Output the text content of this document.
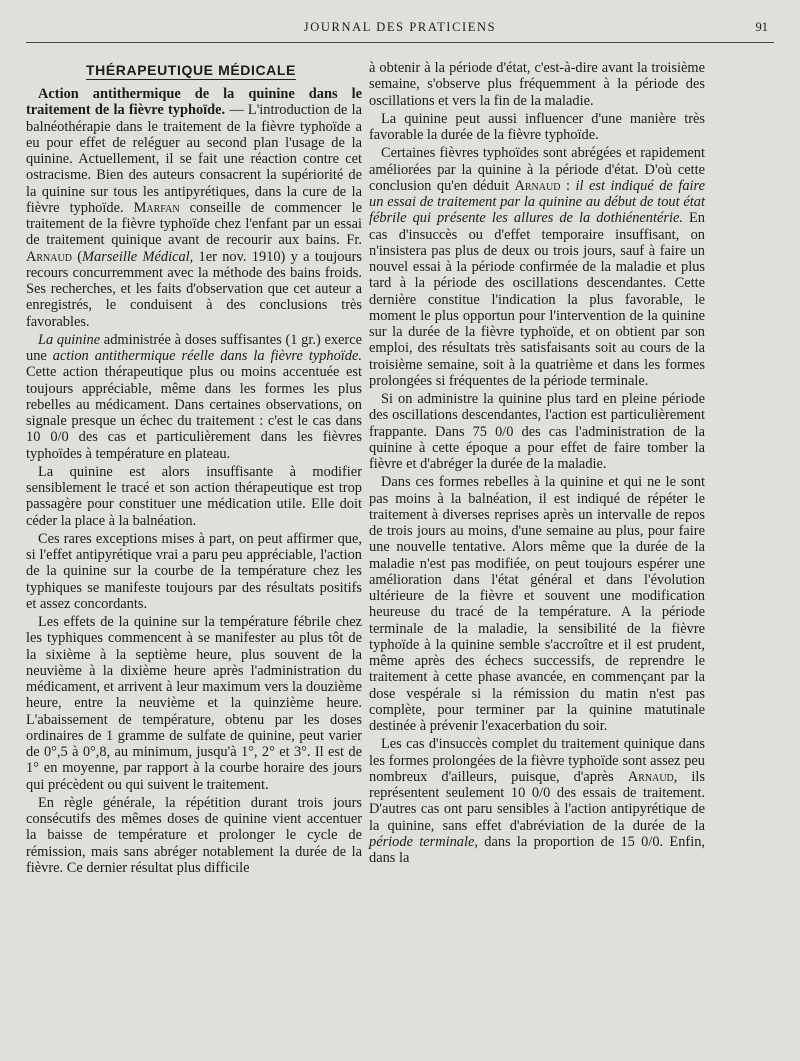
JOURNAL DES PRATICIENS	91
THÉRAPEUTIQUE MÉDICALE

Action antithermique de la quinine dans le traitement de la fièvre typhoïde. — L'introduction de la balnéothérapie dans le traitement de la fièvre typhoïde a eu pour effet de reléguer au second plan l'usage de la quinine. Actuellement, il se fait une réaction contre cet ostracisme. Bien des auteurs consacrent la supériorité de la quinine sur tous les antipyrétiques, dans la cure de la fièvre typhoïde. Marfan conseille de commencer le traitement de la fièvre typhoïde chez l'enfant par un essai de traitement quinique avant de recourir aux bains. Fr. Arnaud (Marseille Médical, 1er nov. 1910) y a toujours recours concurremment avec la méthode des bains froids. Ses recherches, et les faits d'observation que cet auteur a enregistrés, le conduisent à des conclusions très favorables.

La quinine administrée à doses suffisantes (1 gr.) exerce une action antithermique réelle dans la fièvre typhoïde. Cette action thérapeutique plus ou moins accentuée est toujours appréciable, même dans les formes les plus rebelles au médicament. Dans certaines observations, on signale presque un échec du traitement : c'est le cas dans 10 0/0 des cas et particulièrement dans les fièvres typhoïdes à température en plateau.

La quinine est alors insuffisante à modifier sensiblement le tracé et son action thérapeutique est trop passagère pour constituer une médication utile. Elle doit céder la place à la balnéation.

Ces rares exceptions mises à part, on peut affirmer que, si l'effet antipyrétique vrai a paru peu appréciable, l'action de la quinine sur la courbe de la température chez les typhiques se manifeste toujours par des résultats positifs et assez concordants.

Les effets de la quinine sur la température fébrile chez les typhiques commencent à se manifester au plus tôt de la sixième à la septième heure, plus souvent de la neuvième à la dixième heure après l'administration du médicament, et arrivent à leur maximum vers la douzième heure, entre la neuvième et la quinzième heure. L'abaissement de température, obtenu par les doses ordinaires de 1 gramme de sulfate de quinine, peut varier de 0°,5 à 0°,8, au minimum, jusqu'à 1°, 2° et 3°. Il est de 1° en moyenne, par rapport à la courbe horaire des jours qui précèdent ou qui suivent le traitement.

En règle générale, la répétition durant trois jours consécutifs des mêmes doses de quinine vient accentuer la baisse de température et prolonger le cycle de rémission, mais sans abréger notablement la durée de la fièvre. Ce dernier résultat plus difficile

à obtenir à la période d'état, c'est-à-dire avant la troisième semaine, s'observe plus fréquemment à la période des oscillations et vers la fin de la maladie.

La quinine peut aussi influencer d'une manière très favorable la durée de la fièvre typhoïde.

Certaines fièvres typhoïdes sont abrégées et rapidement améliorées par la quinine à la période d'état. D'où cette conclusion qu'en déduit Arnaud : il est indiqué de faire un essai de traitement par la quinine au début de tout état fébrile qui présente les allures de la dothiénentérie. En cas d'insuccès ou d'effet temporaire insuffisant, on n'insistera pas plus de deux ou trois jours, sauf à faire un nouvel essai à la période confirmée de la maladie et plus tard à la période des oscillations descendantes. Cette dernière constitue l'indication la plus favorable, le moment le plus opportun pour l'intervention de la quinine sur la durée de la fièvre typhoïde, et on obtient par son emploi, des résultats très satisfaisants soit au cours de la troisième semaine, soit à la quatrième et dans les formes prolongées si fréquentes de la période terminale.

Si on administre la quinine plus tard en pleine période des oscillations descendantes, l'action est particulièrement frappante. Dans 75 0/0 des cas l'administration de la quinine à cette époque a pour effet de faire tomber la fièvre et d'abréger la durée de la maladie.

Dans ces formes rebelles à la quinine et qui ne le sont pas moins à la balnéation, il est indiqué de répéter le traitement à diverses reprises après un intervalle de repos de trois jours au moins, d'une semaine au plus, pour faire une nouvelle tentative. Alors même que la durée de la maladie n'est pas modifiée, on peut toujours espérer une amélioration dans l'état général et dans l'évolution ultérieure de la fièvre et souvent une modification heureuse du tracé de la température. A la période terminale de la maladie, la sensibilité de la fièvre typhoïde à la quinine semble s'accroître et il est prudent, même après des échecs successifs, de reprendre le traitement à cette phase avancée, en commençant par la dose vespérale si la rémission du matin n'est pas complète, pour terminer par la quinine matutinale destinée à prévenir l'exacerbation du soir.

Les cas d'insuccès complet du traitement quinique dans les formes prolongées de la fièvre typhoïde sont assez peu nombreux d'ailleurs, puisque, d'après Arnaud, ils représentent seulement 10 0/0 des essais de traitement. D'autres cas ont paru sensibles à l'action antipyrétique de la quinine, sans effet d'abréviation de la durée de la période terminale, dans la proportion de 15 0/0. Enfin, dans la
